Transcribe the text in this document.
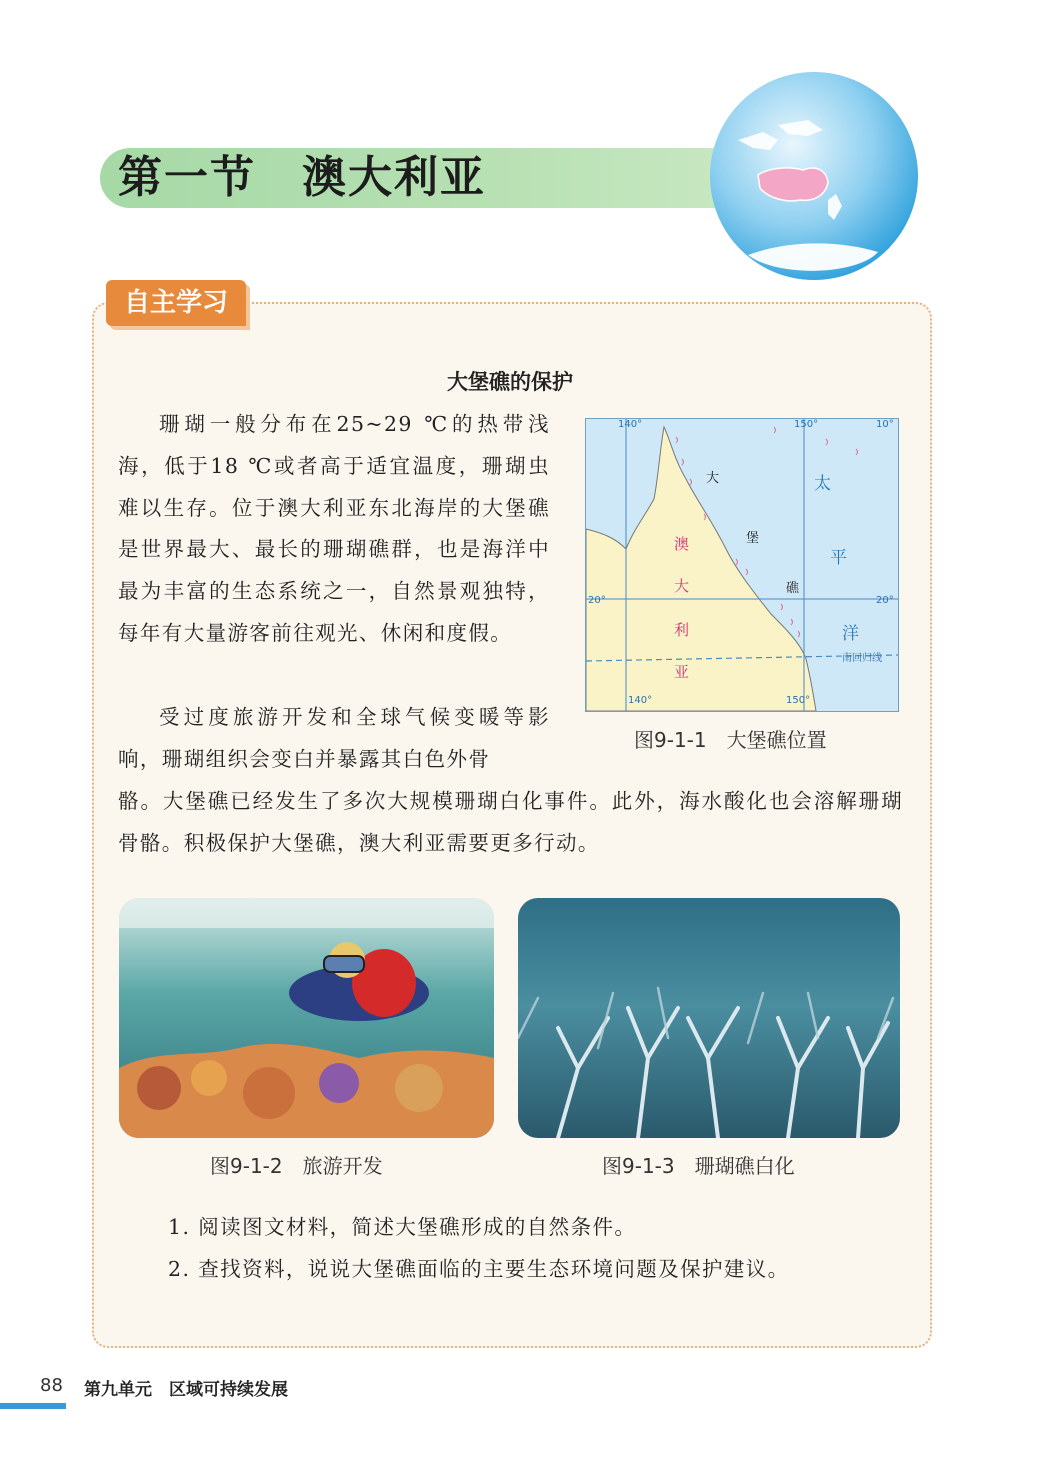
第一节　澳大利亚
自主学习
大堡礁的保护

珊瑚一般分布在25~29 ℃的热带浅海，低于18 ℃或者高于适宜温度，珊瑚虫难以生存。位于澳大利亚东北海岸的大堡礁是世界最大、最长的珊瑚礁群，也是海洋中最为丰富的生态系统之一，自然景观独特，每年有大量游客前往观光、休闲和度假。

受过度旅游开发和全球气候变暖等影响，珊瑚组织会变白并暴露其白色外骨

骼。大堡礁已经发生了多次大规模珊瑚白化事件。此外，海水酸化也会溶解珊瑚骨骼。积极保护大堡礁，澳大利亚需要更多行动。

140°	150°
140°	150°
10°
20°	20°
南回归线
澳
大
利
亚
大
堡
礁
太
平
洋
图9-1-1　大堡礁位置
图9-1-2　旅游开发	图9-1-3　珊瑚礁白化
1. 阅读图文材料，简述大堡礁形成的自然条件。
2. 查找资料，说说大堡礁面临的主要生态环境问题及保护建议。
88 第九单元　区域可持续发展
